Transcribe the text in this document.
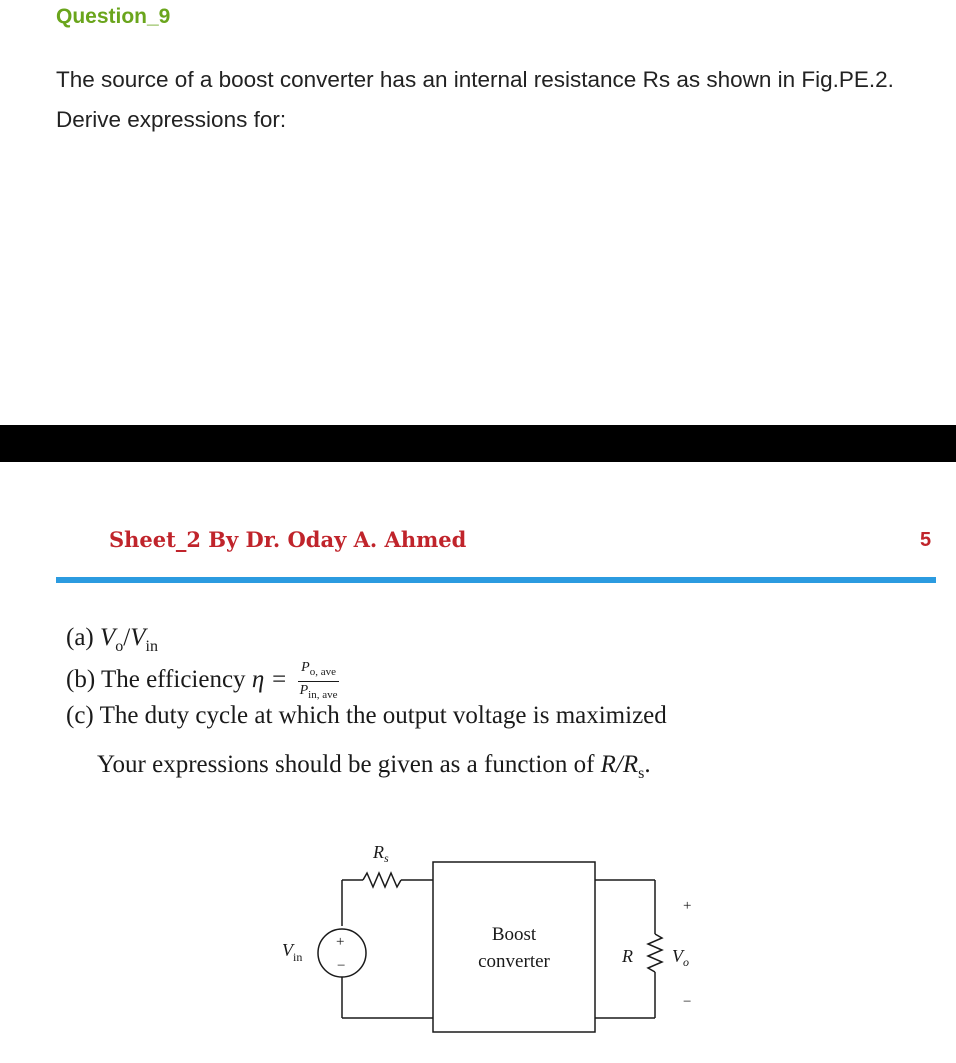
Question_9
The source of a boost converter has an internal resistance Rs as shown in Fig.PE.2. Derive expressions for:
Sheet_2 By Dr. Oday A. Ahmed	5
(a) $V_o/V_{in}$
(b) The efficiency $\eta = \frac{P_{o, ave}}{P_{in, ave}}$
(c) The duty cycle at which the output voltage is maximized
Your expressions should be given as a function of $R/R_s$.
$R_s$
$V_{in}$
+
−
Boost
converter	R
+
$V_o$
−
